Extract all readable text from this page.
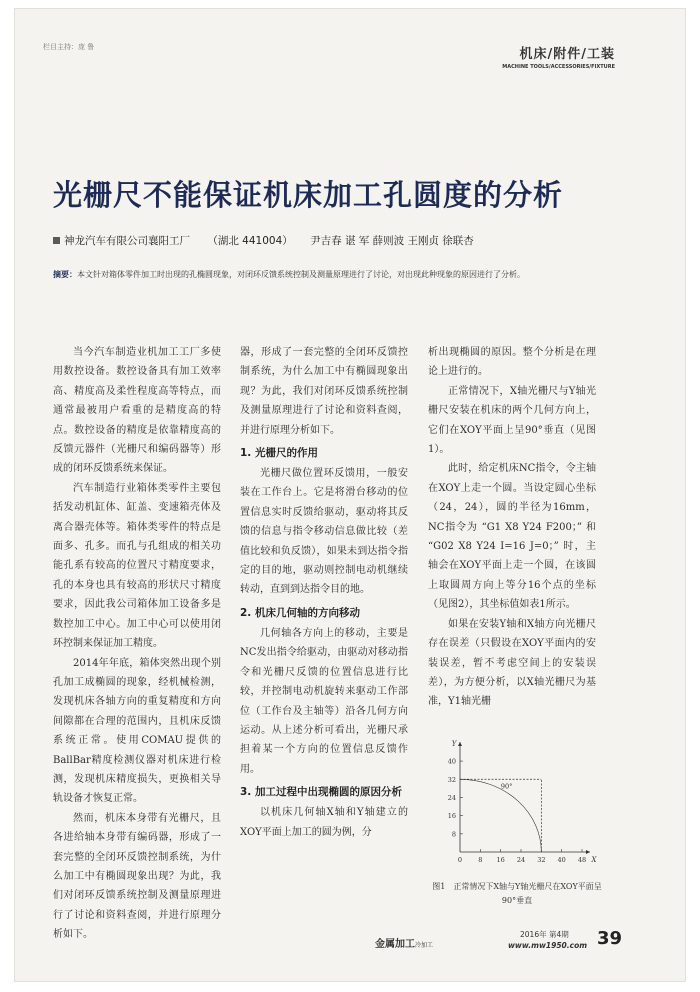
栏目主持：庞 鲁	机床/附件/工装
MACHINE TOOLS/ACCESSORIES/FIXTURE
光栅尺不能保证机床加工孔圆度的分析
神龙汽车有限公司襄阳工厂 （湖北 441004） 尹吉春 谌 军 薛则波 王刚贞 徐联杏
摘要：本文针对箱体零件加工时出现的孔椭圆现象，对闭环反馈系统控制及测量原理进行了讨论，对出现此种现象的原因进行了分析。

当今汽车制造业机加工工厂多使用数控设备。数控设备具有加工效率高、精度高及柔性程度高等特点，而通常最被用户看重的是精度高的特点。数控设备的精度是依靠精度高的反馈元器件（光栅尺和编码器等）形成的闭环反馈系统来保证。

汽车制造行业箱体类零件主要包括发动机缸体、缸盖、变速箱壳体及离合器壳体等。箱体类零件的特点是面多、孔多。而孔与孔组成的相关功能孔系有较高的位置尺寸精度要求，孔的本身也具有较高的形状尺寸精度要求，因此我公司箱体加工设备多是数控加工中心。加工中心可以使用闭环控制来保证加工精度。

2014年年底，箱体突然出现个别孔加工成椭圆的现象，经机械检测，发现机床各轴方向的重复精度和方向间隙都在合理的范围内，且机床反馈系统正常。使用COMAU提供的BallBar精度检测仪器对机床进行检测，发现机床精度损失，更换相关导轨设备才恢复正常。

然而，机床本身带有光栅尺，且各进给轴本身带有编码器，形成了一套完整的全闭环反馈控制系统，为什么加工中有椭圆现象出现？为此，我们对闭环反馈系统控制及测量原理进行了讨论和资料查阅，并进行原理分析如下。

器，形成了一套完整的全闭环反馈控制系统，为什么加工中有椭圆现象出现？为此，我们对闭环反馈系统控制及测量原理进行了讨论和资料查阅，并进行原理分析如下。

1. 光栅尺的作用

光栅尺做位置环反馈用，一般安装在工作台上。它是将滑台移动的位置信息实时反馈给驱动，驱动将其反馈的信息与指令移动信息做比较（差值比较和负反馈），如果未到达指令指定的目的地，驱动则控制电动机继续转动，直到到达指令目的地。

2. 机床几何轴的方向移动

几何轴各方向上的移动，主要是NC发出指令给驱动，由驱动对移动指令和光栅尺反馈的位置信息进行比较，并控制电动机旋转来驱动工作部位（工作台及主轴等）沿各几何方向运动。从上述分析可看出，光栅尺承担着某一个方向的位置信息反馈作用。

3. 加工过程中出现椭圆的原因分析

以机床几何轴X轴和Y轴建立的XOY平面上加工的圆为例，分

析出现椭圆的原因。整个分析是在理论上进行的。

正常情况下，X轴光栅尺与Y轴光栅尺安装在机床的两个几何方向上，它们在XOY平面上呈90°垂直（见图1）。

此时，给定机床NC指令，令主轴在XOY上走一个圆。当设定圆心坐标（24，24），圆的半径为16mm，NC指令为 “G1 X8 Y24 F200；” 和 “G02 X8 Y24 I=16 J=0；” 时，主轴会在XOY平面上走一个圆，在该圆上取圆周方向上等分16个点的坐标（见图2），其坐标值如表1所示。

如果在安装Y轴和X轴方向光栅尺存在误差（只假设在XOY平面内的安装误差，暂不考虑空间上的安装误差），为方便分析，以X轴光栅尺为基准，Y1轴光栅

X
Y
0 8 16 24 32 40 48
8
16
24
32
40
90°
图1　正常情况下X轴与Y轴光栅尺在XOY平面呈90°垂直
金属加工冷加工
2016年 第4期
www.mw1950.com 39
